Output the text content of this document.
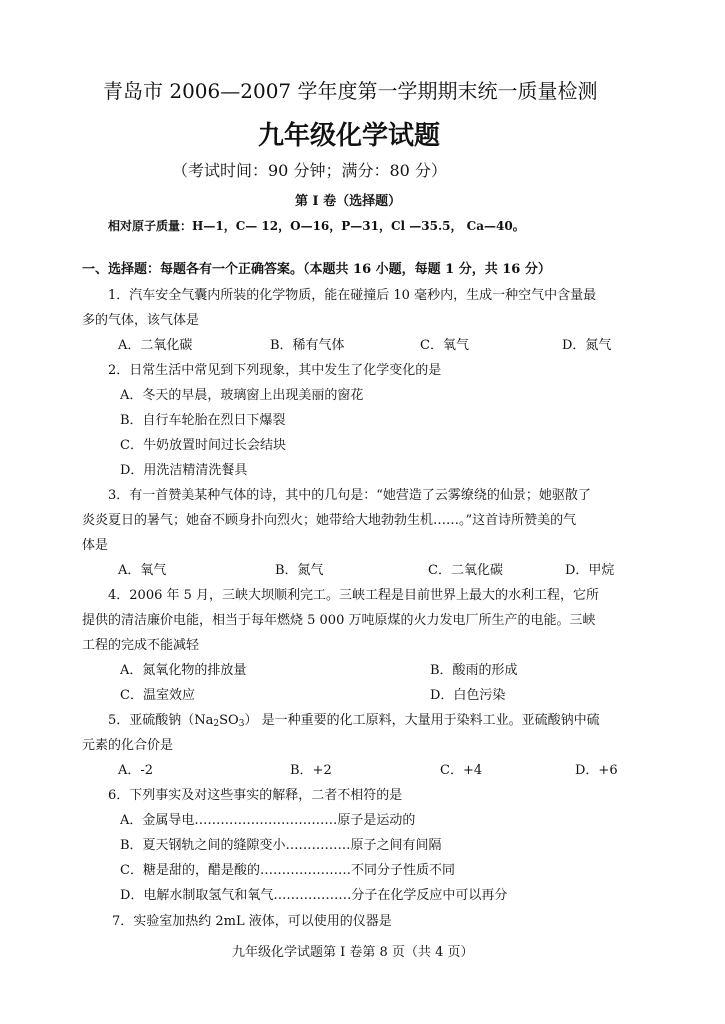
青岛市 2006—2007 学年度第一学期期末统一质量检测
九年级化学试题
（考试时间：90 分钟；满分：80 分）
第 I 卷（选择题）
相对原子质量：H—1，C— 12，O—16，P—31，Cl —35.5， Ca—40。
一、选择题：每题各有一个正确答案。（本题共 16 小题，每题 1 分，共 16 分）
1．汽车安全气囊内所装的化学物质，能在碰撞后 10 毫秒内，生成一种空气中含量最
多的气体，该气体是
A．二氧化碳	B．稀有气体	C．氧气	D．氮气
2．日常生活中常见到下列现象，其中发生了化学变化的是
A．冬天的早晨，玻璃窗上出现美丽的窗花
B．自行车轮胎在烈日下爆裂
C．牛奶放置时间过长会结块
D．用洗洁精清洗餐具
3．有一首赞美某种气体的诗，其中的几句是：“她营造了云雾缭绕的仙景；她驱散了
炎炎夏日的暑气；她奋不顾身扑向烈火；她带给大地勃勃生机……。”这首诗所赞美的气
体是
A．氧气	B．氮气	C．二氧化碳	D．甲烷
4．2006 年 5 月，三峡大坝顺利完工。三峡工程是目前世界上最大的水利工程，它所
提供的清洁廉价电能，相当于每年燃烧 5 000 万吨原煤的火力发电厂所生产的电能。三峡
工程的完成不能减轻
A．氮氧化物的排放量	B．酸雨的形成
C．温室效应	D．白色污染
5．亚硫酸钠$(Na_2SO_3)$ 是一种重要的化工原料，大量用于染料工业。亚硫酸钠中硫
元素的化合价是
A．-2	B．+2	C．+4	D．+6
6．下列事实及对这些事实的解释，二者不相符的是
A．金属导电……………………………原子是运动的
B．夏天钢轨之间的缝隙变小……………原子之间有间隔
C．糖是甜的，醋是酸的…………………不同分子性质不同
D．电解水制取氢气和氧气………………分子在化学反应中可以再分
7．实验室加热约 2mL 液体，可以使用的仪器是
九年级化学试题第 I 卷第 8 页（共 4 页）
